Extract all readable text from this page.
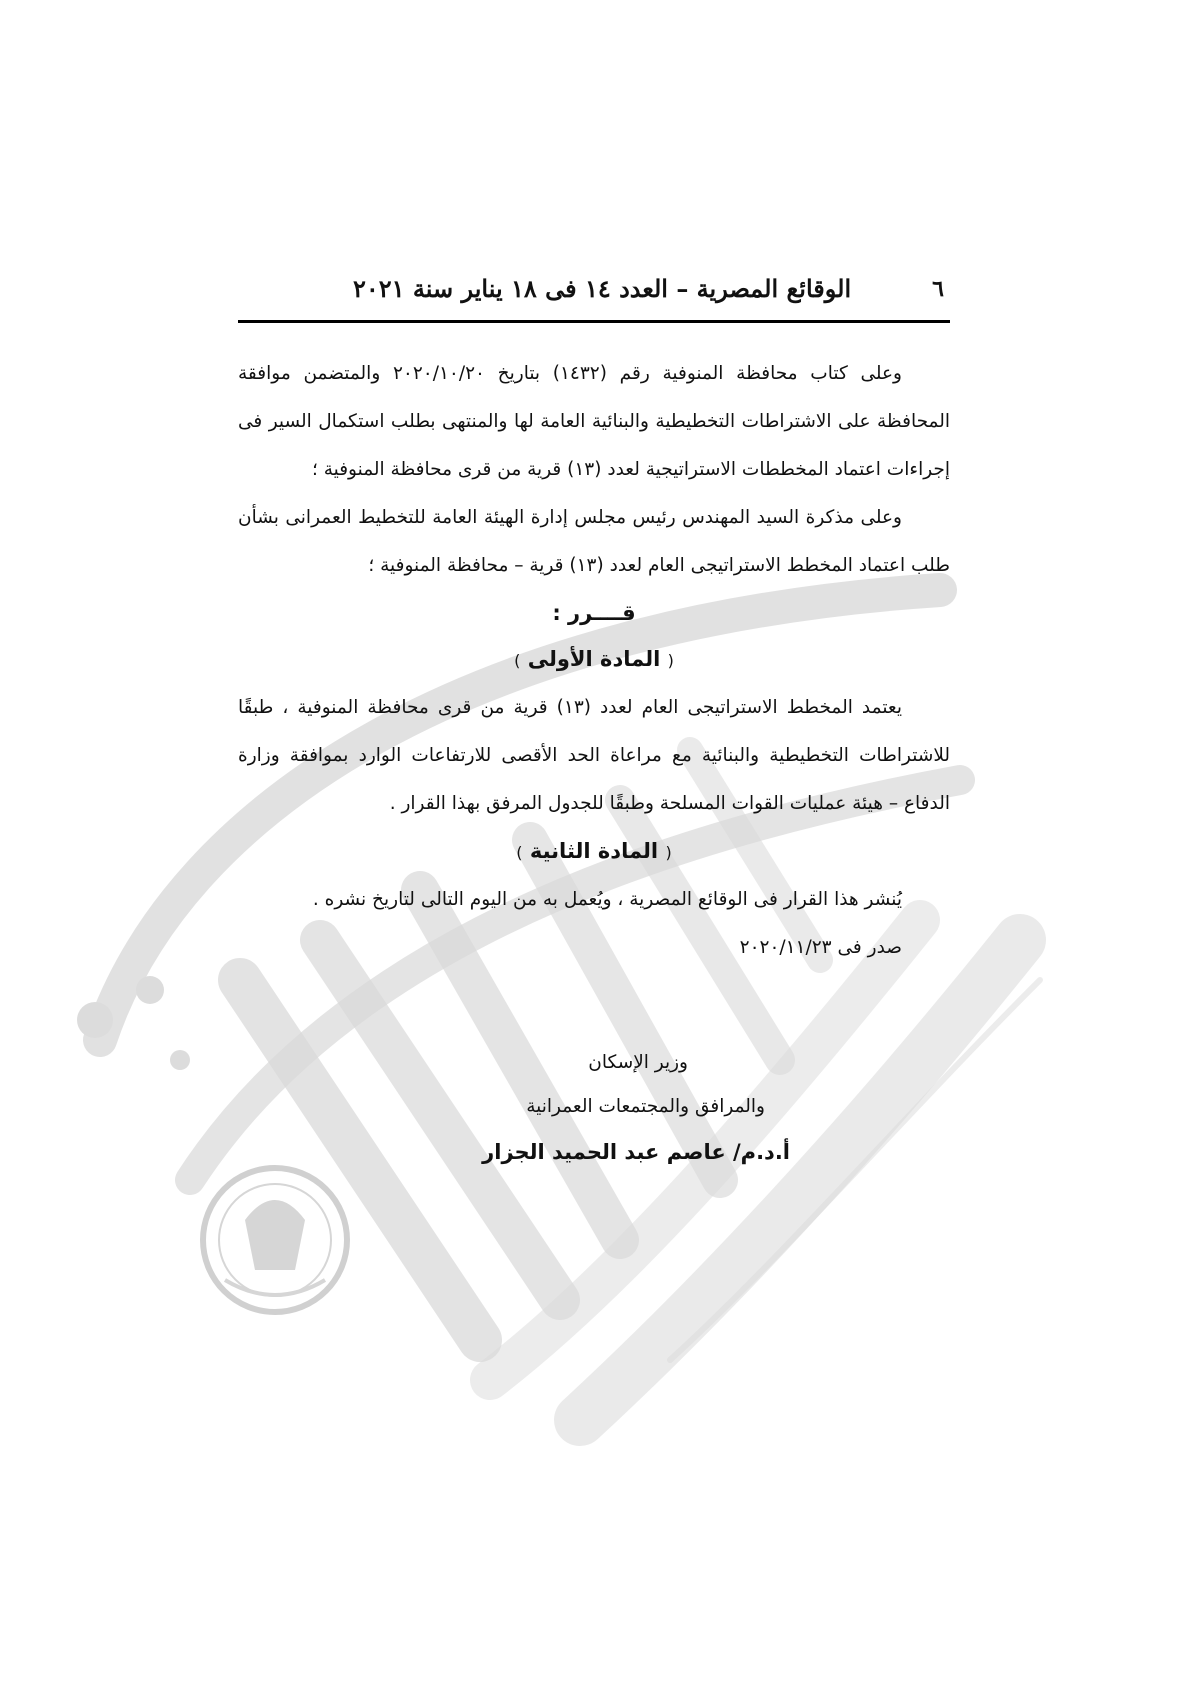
٦
الوقائع المصرية – العدد ١٤ فى ١٨ يناير سنة ٢٠٢١

وعلى كتاب محافظة المنوفية رقم (١٤٣٢) بتاريخ ٢٠٢٠/١٠/٢٠ والمتضمن موافقة المحافظة على الاشتراطات التخطيطية والبنائية العامة لها والمنتهى بطلب استكمال السير فى إجراءات اعتماد المخططات الاستراتيجية لعدد (١٣) قرية من قرى محافظة المنوفية ؛

وعلى مذكرة السيد المهندس رئيس مجلس إدارة الهيئة العامة للتخطيط العمرانى بشأن طلب اعتماد المخطط الاستراتيجى العام لعدد (١٣) قرية – محافظة المنوفية ؛

قــــرر :

( المادة الأولى )

يعتمد المخطط الاستراتيجى العام لعدد (١٣) قرية من قرى محافظة المنوفية ، طبقًا للاشتراطات التخطيطية والبنائية مع مراعاة الحد الأقصى للارتفاعات الوارد بموافقة وزارة الدفاع – هيئة عمليات القوات المسلحة وطبقًا للجدول المرفق بهذا القرار .

( المادة الثانية )

يُنشر هذا القرار فى الوقائع المصرية ، ويُعمل به من اليوم التالى لتاريخ نشره .

صدر فى ٢٠٢٠/١١/٢٣

وزير الإسكان
والمرافق والمجتمعات العمرانية
أ.د.م/ عاصم عبد الحميد الجزار
